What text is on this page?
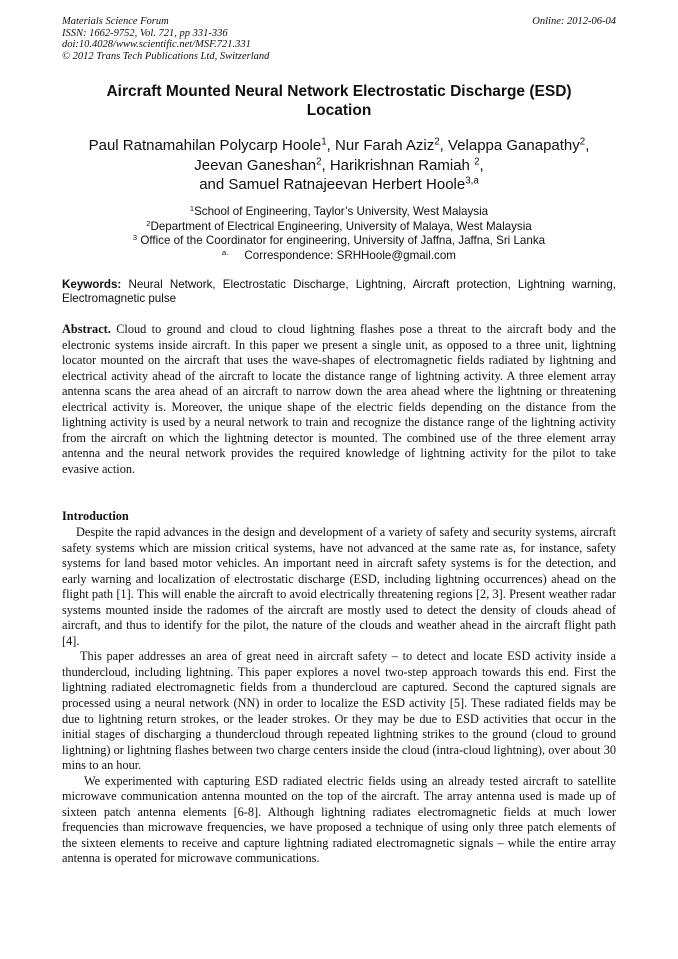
Materials Science Forum
ISSN: 1662-9752, Vol. 721, pp 331-336
doi:10.4028/www.scientific.net/MSF.721.331
© 2012 Trans Tech Publications Ltd, Switzerland
Online: 2012-06-04
Aircraft Mounted Neural Network Electrostatic Discharge (ESD)
Location
Paul Ratnamahilan Polycarp Hoole$^1$, Nur Farah Aziz$^2$, Velappa Ganapathy$^2$,
Jeevan Ganeshan$^2$, Harikrishnan Ramiah $^2$,
and Samuel Ratnajeevan Herbert Hoole$^{3,a}$
$^1$School of Engineering, Taylor’s University, West Malaysia
$^2$Department of Electrical Engineering, University of Malaya, West Malaysia
$^3$ Office of the Coordinator for engineering, University of Jaffna, Jaffna, Sri Lanka
$^{a.}$ Correspondence: SRHHoole@gmail.com
Keywords: Neural Network, Electrostatic Discharge, Lightning, Aircraft protection, Lightning warning, Electromagnetic pulse
Abstract. Cloud to ground and cloud to cloud lightning flashes pose a threat to the aircraft body and the electronic systems inside aircraft. In this paper we present a single unit, as opposed to a three unit, lightning locator mounted on the aircraft that uses the wave-shapes of electromagnetic fields radiated by lightning and electrical activity ahead of the aircraft to locate the distance range of lightning activity. A three element array antenna scans the area ahead of an aircraft to narrow down the area ahead where the lightning or threatening electrical activity is. Moreover, the unique shape of the electric fields depending on the distance from the lightning activity is used by a neural network to train and recognize the distance range of the lightning activity from the aircraft on which the lightning detector is mounted. The combined use of the three element array antenna and the neural network provides the required knowledge of lightning activity for the pilot to take evasive action.
Introduction

Despite the rapid advances in the design and development of a variety of safety and security systems, aircraft safety systems which are mission critical systems, have not advanced at the same rate as, for instance, safety systems for land based motor vehicles. An important need in aircraft safety systems is for the detection, and early warning and localization of electrostatic discharge (ESD, including lightning occurrences) ahead on the flight path [1]. This will enable the aircraft to avoid electrically threatening regions [2, 3]. Present weather radar systems mounted inside the radomes of the aircraft are mostly used to detect the density of clouds ahead of aircraft, and thus to identify for the pilot, the nature of the clouds and weather ahead in the aircraft flight path [4].

This paper addresses an area of great need in aircraft safety – to detect and locate ESD activity inside a thundercloud, including lightning. This paper explores a novel two-step approach towards this end. First the lightning radiated electromagnetic fields from a thundercloud are captured. Second the captured signals are processed using a neural network (NN) in order to localize the ESD activity [5]. These radiated fields may be due to lightning return strokes, or the leader strokes. Or they may be due to ESD activities that occur in the initial stages of discharging a thundercloud through repeated lightning strikes to the ground (cloud to ground lightning) or lightning flashes between two charge centers inside the cloud (intra-cloud lightning), over about 30 mins to an hour.

We experimented with capturing ESD radiated electric fields using an already tested aircraft to satellite microwave communication antenna mounted on the top of the aircraft. The array antenna used is made up of sixteen patch antenna elements [6-8]. Although lightning radiates electromagnetic fields at much lower frequencies than microwave frequencies, we have proposed a technique of using only three patch elements of the sixteen elements to receive and capture lightning radiated electromagnetic signals – while the entire array antenna is operated for microwave communications.
